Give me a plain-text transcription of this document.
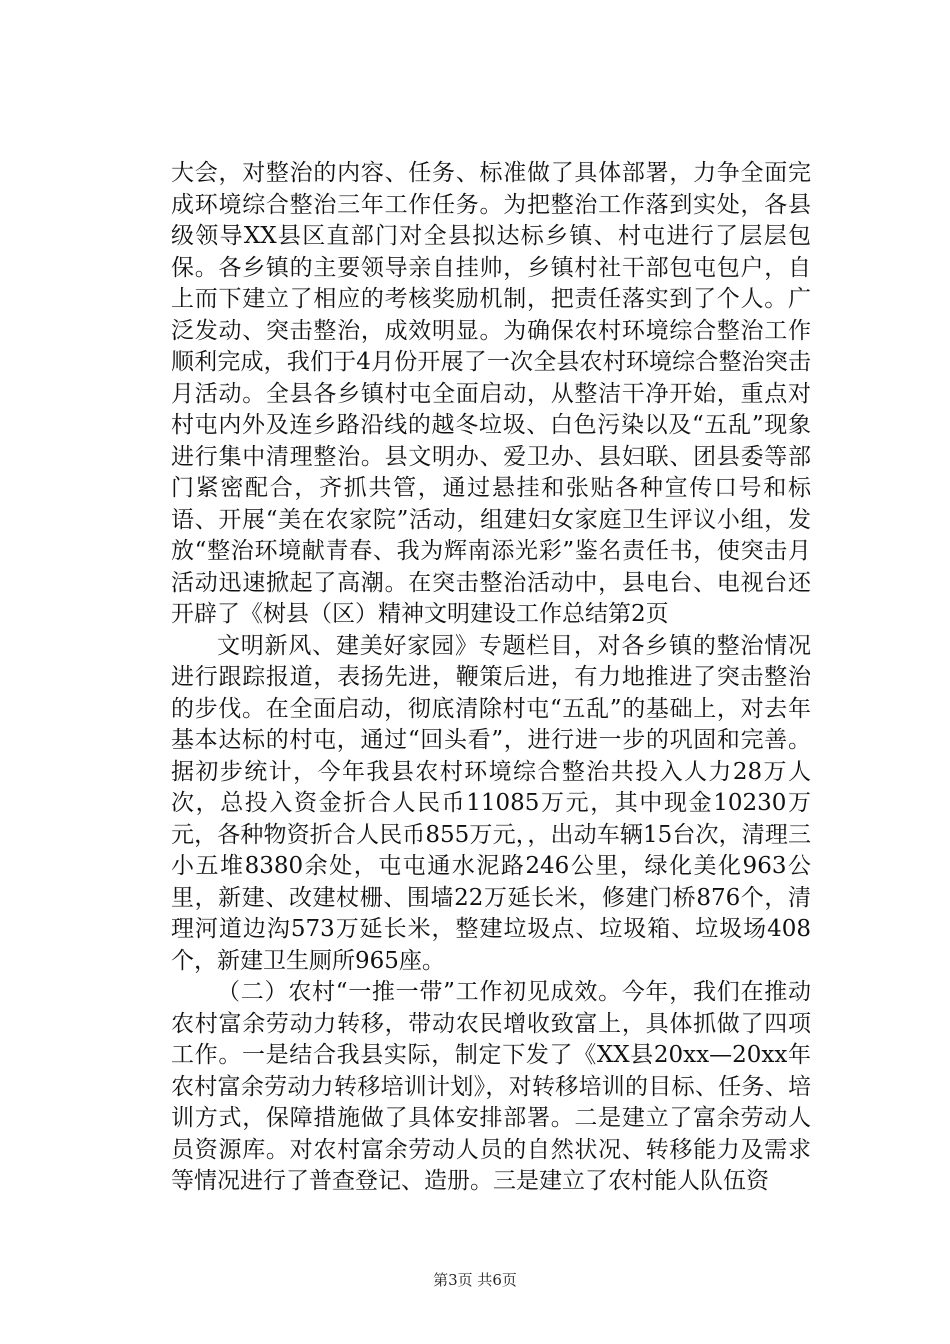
大会，对整治的内容、任务、标准做了具体部署，力争全面完成环境综合整治三年工作任务。为把整治工作落到实处，各县级领导XX县区直部门对全县拟达标乡镇、村屯进行了层层包保。各乡镇的主要领导亲自挂帅，乡镇村社干部包屯包户，自上而下建立了相应的考核奖励机制，把责任落实到了个人。广泛发动、突击整治，成效明显。为确保农村环境综合整治工作顺利完成，我们于4月份开展了一次全县农村环境综合整治突击月活动。全县各乡镇村屯全面启动，从整洁干净开始，重点对村屯内外及连乡路沿线的越冬垃圾、白色污染以及“五乱”现象进行集中清理整治。县文明办、爱卫办、县妇联、团县委等部门紧密配合，齐抓共管，通过悬挂和张贴各种宣传口号和标语、开展“美在农家院”活动，组建妇女家庭卫生评议小组，发放“整治环境献青春、我为辉南添光彩”鉴名责任书，使突击月活动迅速掀起了高潮。在突击整治活动中，县电台、电视台还开辟了《树县（区）精神文明建设工作总结第2页

文明新风、建美好家园》专题栏目，对各乡镇的整治情况进行跟踪报道，表扬先进，鞭策后进，有力地推进了突击整治的步伐。在全面启动，彻底清除村屯“五乱”的基础上，对去年基本达标的村屯，通过“回头看”，进行进一步的巩固和完善。据初步统计，今年我县农村环境综合整治共投入人力28万人次，总投入资金折合人民币11085万元，其中现金10230万元，各种物资折合人民币855万元，，出动车辆15台次，清理三小五堆8380余处，屯屯通水泥路246公里，绿化美化963公里，新建、改建杖栅、围墙22万延长米，修建门桥876个，清理河道边沟573万延长米，整建垃圾点、垃圾箱、垃圾场408个，新建卫生厕所965座。

（二）农村“一推一带”工作初见成效。今年，我们在推动农村富余劳动力转移，带动农民增收致富上，具体抓做了四项工作。一是结合我县实际，制定下发了《XX县20xx—20xx年农村富余劳动力转移培训计划》，对转移培训的目标、任务、培训方式，保障措施做了具体安排部署。二是建立了富余劳动人员资源库。对农村富余劳动人员的自然状况、转移能力及需求等情况进行了普查登记、造册。三是建立了农村能人队伍资

第3页 共6页
